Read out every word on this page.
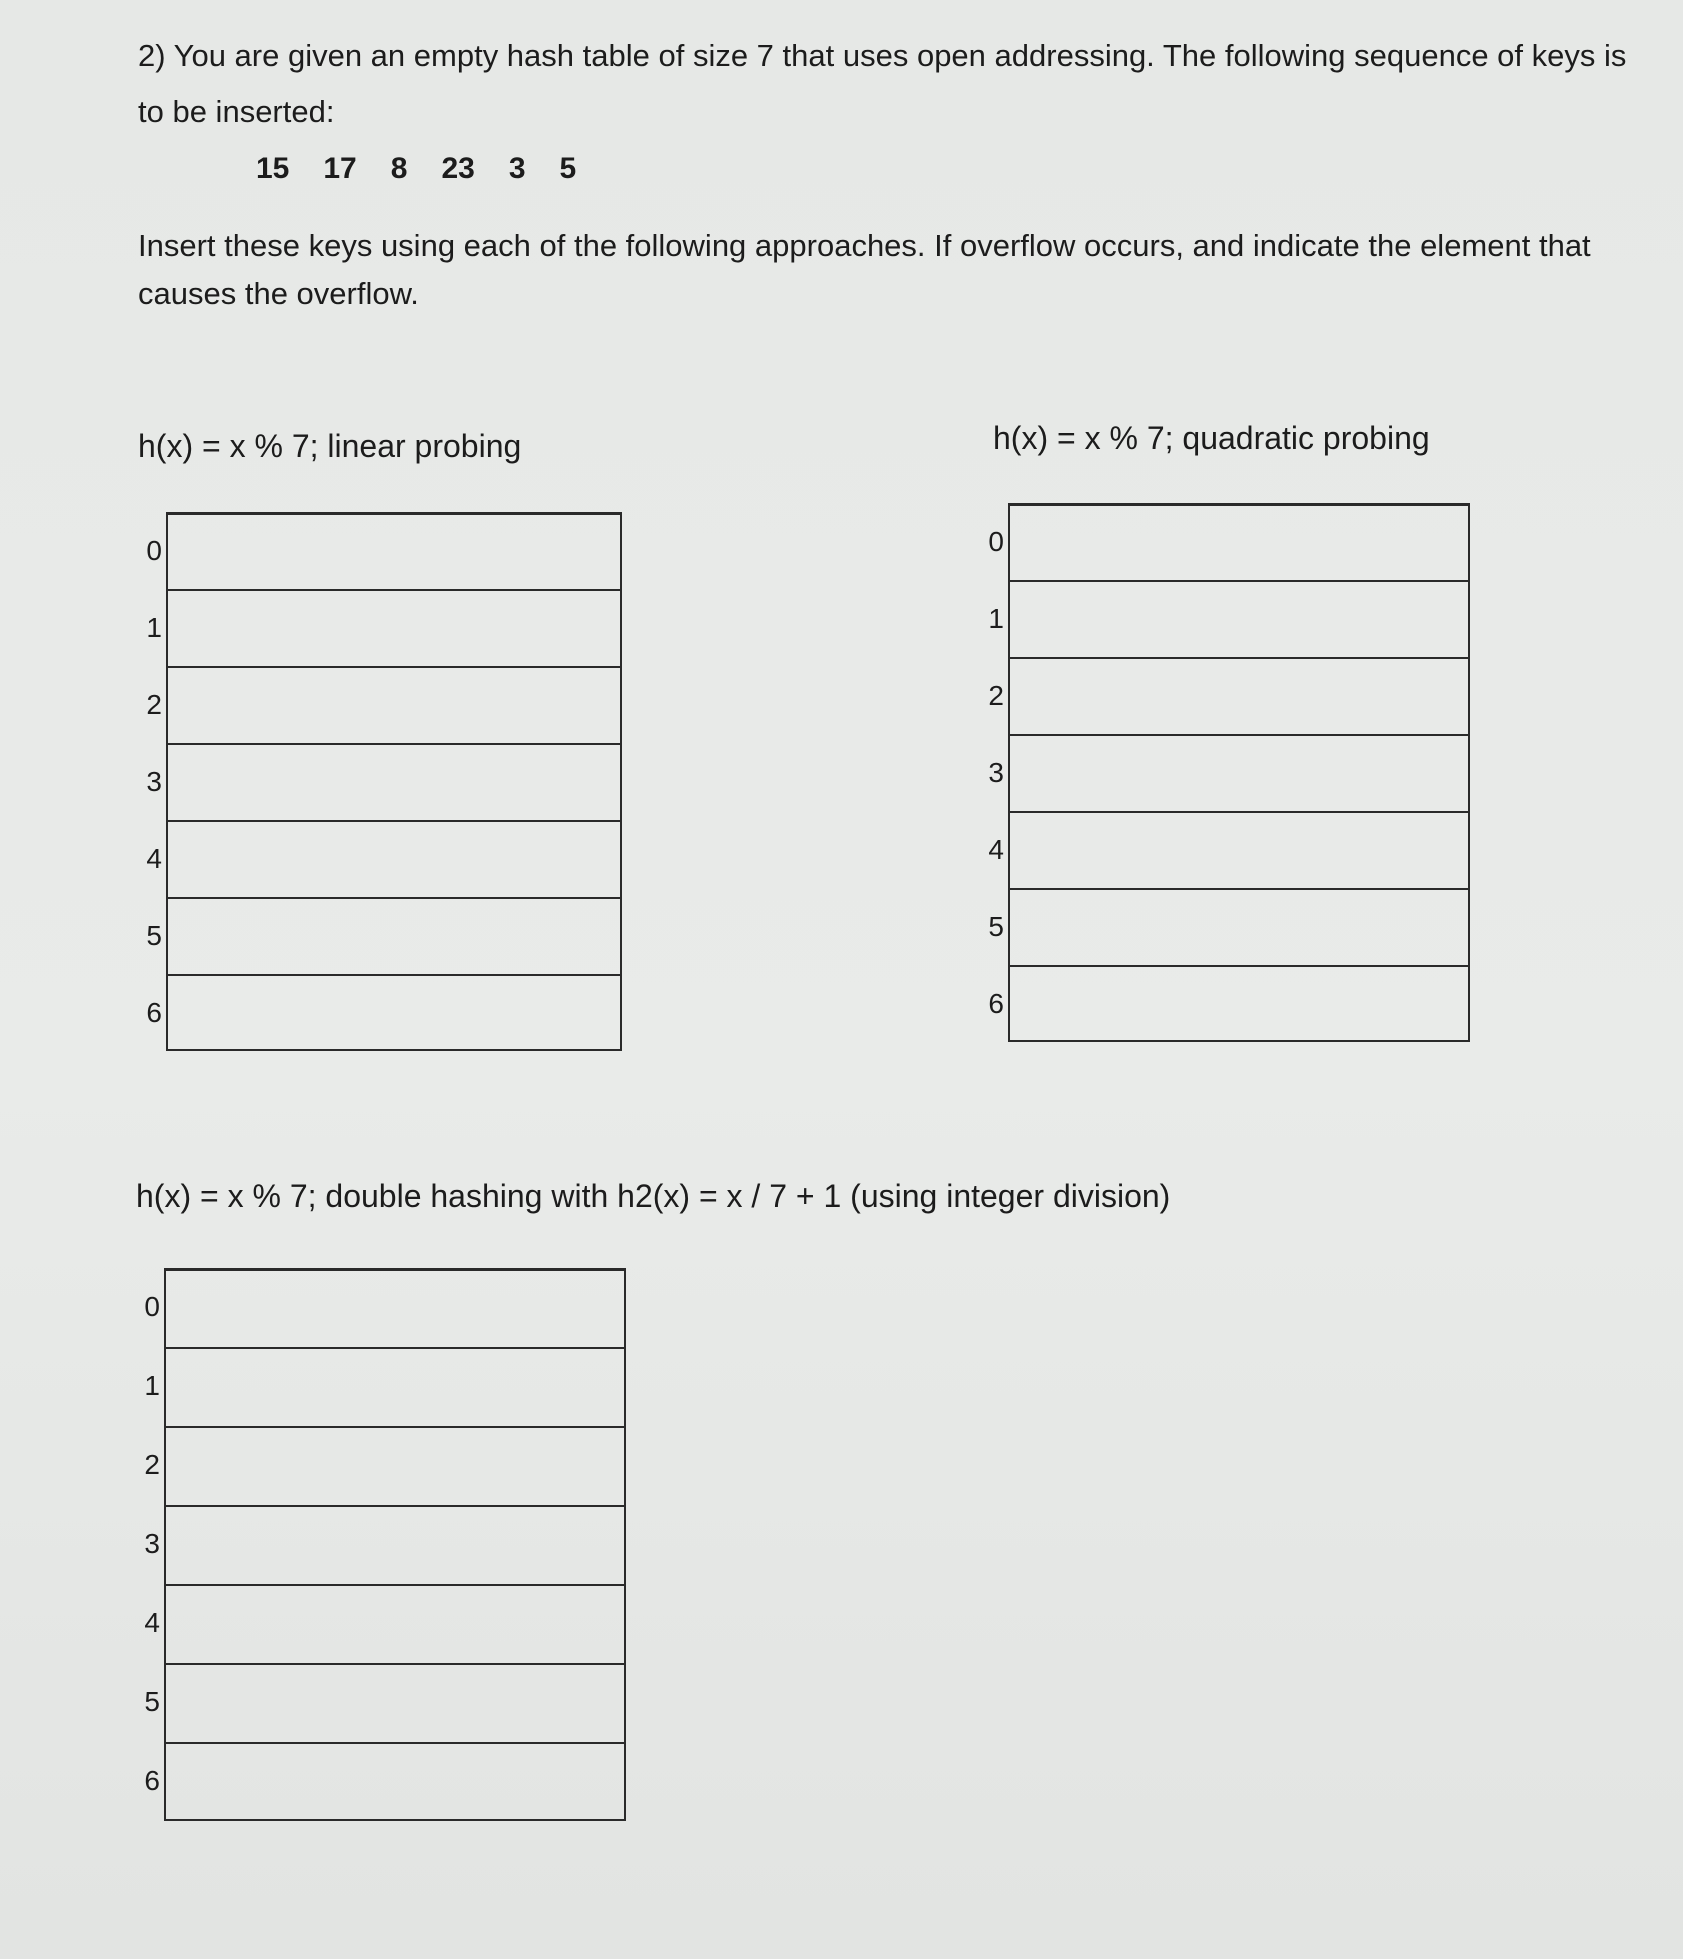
2) You are given an empty hash table of size 7 that uses open addressing. The following sequence of keys is to be inserted:
15 17 8 23 3 5
Insert these keys using each of the following approaches. If overflow occurs, and indicate the element that causes the overflow.
h(x) = x % 7; linear probing
0
1
2
3
4
5
6
h(x) = x % 7; quadratic probing
0
1
2
3
4
5
6
h(x) = x % 7; double hashing with h2(x) = x / 7 + 1 (using integer division)
0
1
2
3
4
5
6
